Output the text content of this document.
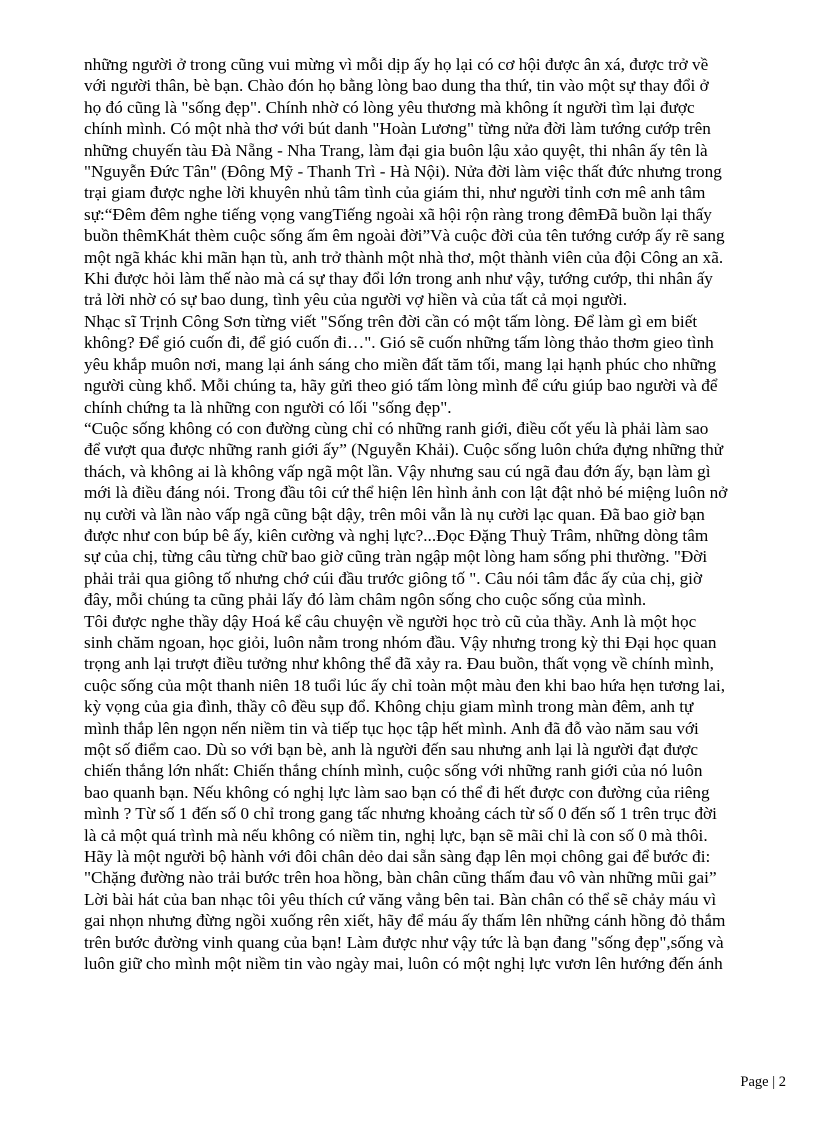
những người ở trong cũng vui mừng vì mỗi dịp ấy họ lại có cơ hội được ân xá, được trở về
với người thân, bè bạn. Chào đón họ bằng lòng bao dung tha thứ, tin vào một sự thay đổi ở
họ đó cũng là "sống đẹp". Chính nhờ có lòng yêu thương mà không ít người tìm lại được
chính mình. Có một nhà thơ với bút danh "Hoàn Lương" từng nửa đời làm tướng cướp trên
những chuyến tàu Đà Nẵng - Nha Trang, làm đại gia buôn lậu xảo quyệt, thi nhân ấy tên là
"Nguyễn Đức Tân" (Đông Mỹ - Thanh Trì - Hà Nội). Nửa đời làm việc thất đức nhưng trong
trại giam được nghe lời khuyên nhủ tâm tình của giám thi, như người tỉnh cơn mê anh tâm
sự:“Đêm đêm nghe tiếng vọng vangTiếng ngoài xã hội rộn ràng trong đêmĐã buồn lại thấy
buồn thêmKhát thèm cuộc sống ấm êm ngoài đời”Và cuộc đời của tên tướng cướp ấy rẽ sang
một ngã khác khi mãn hạn tù, anh trở thành một nhà thơ, một thành viên của đội Công an xã.
Khi được hỏi làm thế nào mà cá sự thay đổi lớn trong anh như vậy, tướng cướp, thi nhân ấy
trả lời nhờ có sự bao dung, tình yêu của người vợ hiền và của tất cả mọi người.
Nhạc sĩ Trịnh Công Sơn từng viết "Sống trên đời cần có một tấm lòng. Để làm gì em biết
không? Để gió cuốn đi, để gió cuốn đi…". Gió sẽ cuốn những tấm lòng thảo thơm gieo tình
yêu khắp muôn nơi, mang lại ánh sáng cho miền đất tăm tối, mang lại hạnh phúc cho những
người cùng khổ. Mỗi chúng ta, hãy gửi theo gió tấm lòng mình để cứu giúp bao người và để
chính chứng ta là những con người có lối "sống đẹp".
“Cuộc sống không có con đường cùng chỉ có những ranh giới, điều cốt yếu là phải làm sao
để vượt qua được những ranh giới ấy” (Nguyễn Khải). Cuộc sống luôn chứa đựng những thử
thách, và không ai là không vấp ngã một lần. Vậy nhưng sau cú ngã đau đớn ấy, bạn làm gì
mới là điều đáng nói. Trong đầu tôi cứ thể hiện lên hình ảnh con lật đật nhỏ bé miệng luôn nở
nụ cười và lần nào vấp ngã cũng bật dậy, trên môi vẫn là nụ cười lạc quan. Đã bao giờ bạn
được như con búp bê ấy, kiên cường và nghị lực?...Đọc Đặng Thuỳ Trâm, những dòng tâm
sự của chị, từng câu từng chữ bao giờ cũng tràn ngập một lòng ham sống phi thường. "Đời
phải trải qua giông tố nhưng chớ cúi đầu trước giông tố ". Câu nói tâm đắc ấy của chị, giờ
đây, mỗi chúng ta cũng phải lấy đó làm châm ngôn sống cho cuộc sống của mình.
Tôi được nghe thầy dậy Hoá kể câu chuyện về người học trò cũ của thầy. Anh là một học
sinh chăm ngoan, học giỏi, luôn nằm trong nhóm đầu. Vậy nhưng trong kỳ thi Đại học quan
trọng anh lại trượt điều tưởng như không thể đã xảy ra. Đau buồn, thất vọng về chính mình,
cuộc sống của một thanh niên 18 tuổi lúc ấy chỉ toàn một màu đen khi bao hứa hẹn tương lai,
kỳ vọng của gia đình, thầy cô đều sụp đổ. Không chịu giam mình trong màn đêm, anh tự
mình thắp lên ngọn nến niềm tin và tiếp tục học tập hết mình. Anh đã đỗ vào năm sau với
một số điểm cao. Dù so với bạn bè, anh là người đến sau nhưng anh lại là người đạt được
chiến thắng lớn nhất: Chiến thắng chính mình, cuộc sống với những ranh giới của nó luôn
bao quanh bạn. Nếu không có nghị lực làm sao bạn có thể đi hết được con đường của riêng
mình ? Từ số 1 đến số 0 chỉ trong gang tấc nhưng khoảng cách từ số 0 đến số 1 trên trục đời
là cả một quá trình mà nếu không có niềm tin, nghị lực, bạn sẽ mãi chỉ là con số 0 mà thôi.
Hãy là một người bộ hành với đôi chân dẻo dai sẵn sàng đạp lên mọi chông gai để bước đi:
"Chặng đường nào trải bước trên hoa hồng, bàn chân cũng thấm đau vô vàn những mũi gai”
Lời bài hát của ban nhạc tôi yêu thích cứ văng vẳng bên tai. Bàn chân có thể sẽ chảy máu vì
gai nhọn nhưng đừng ngồi xuống rên xiết, hãy để máu ấy thấm lên những cánh hồng đỏ thắm
trên bước đường vinh quang của bạn! Làm được như vậy tức là bạn đang "sống đẹp",sống và
luôn giữ cho mình một niềm tin vào ngày mai, luôn có một nghị lực vươn lên hướng đến ánh
Page | 2
